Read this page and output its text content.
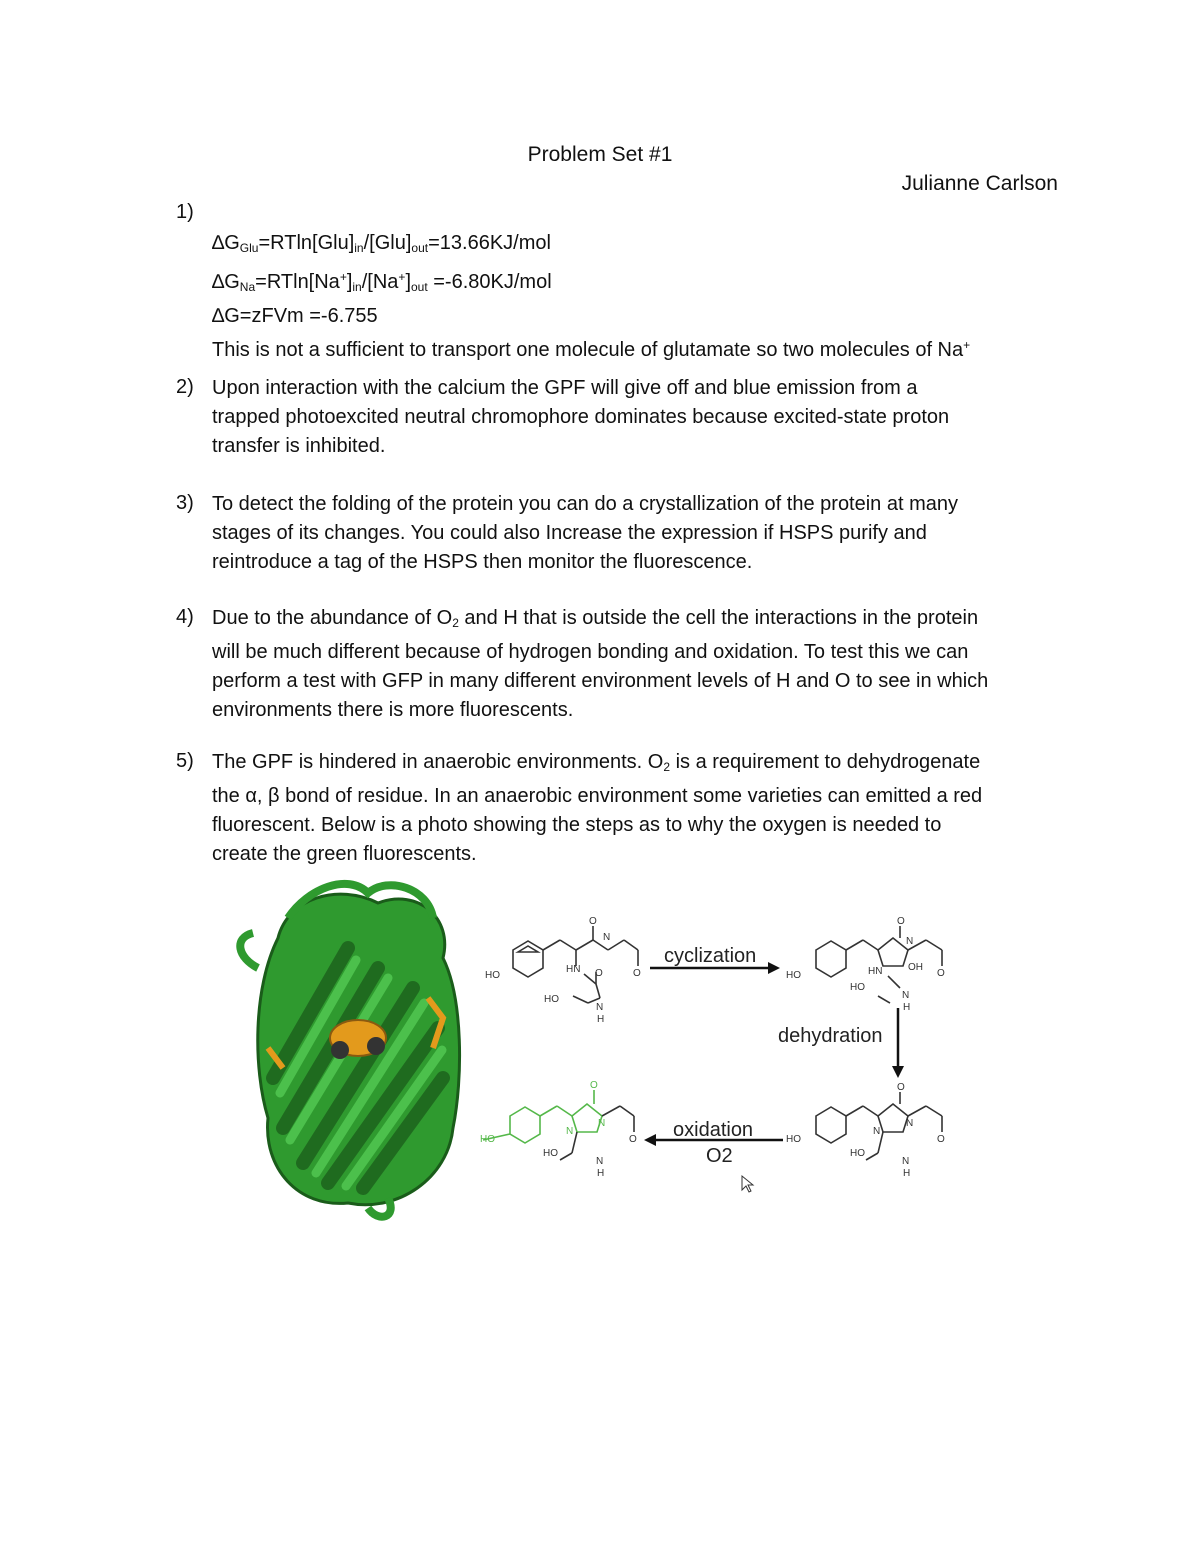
Problem Set #1
Julianne Carlson
1)
$\Delta G_{Glu}=RTln[Glu]_{in}/[Glu]_{out}=13.66KJ$/mol
$\Delta G_{Na}=RTln[Na^+]_{in}/[Na^+]_{out} =-6.80KJ/mol$
∆G=zFVm =-6.755
This is not a sufficient to transport one molecule of glutamate so two molecules of Na+
2) Upon interaction with the calcium the GPF will give off and blue emission from a
trapped photoexcited neutral chromophore dominates because excited-state proton
transfer is inhibited.
3) To detect the folding of the protein you can do a crystallization of the protein at many
stages of its changes. You could also Increase the expression if HSPS purify and
reintroduce a tag of the HSPS then monitor the fluorescence.
4) Due to the abundance of $O_2$ and H that is outside the cell the interactions in the protein
will be much different because of hydrogen bonding and oxidation. To test this we can
perform a test with GFP in many different environment levels of H and O to see in which
environments there is more fluorescents.
5) The GPF is hindered in anaerobic environments. $O_2$ is a requirement to dehydrogenate
the α, β bond of residue. In an anaerobic environment some varieties can emitted a red
fluorescent. Below is a photo showing the steps as to why the oxygen is needed to
create the green fluorescents.
HO
HN
O
O
N
O
HO
N
H
cyclization
HO	HN	OH
O
N
O
HO
N
H
dehydration
HO
O
N
N
O
HO
N
H
oxidation
O2
HO
O
N
N
O
HO
N
H
